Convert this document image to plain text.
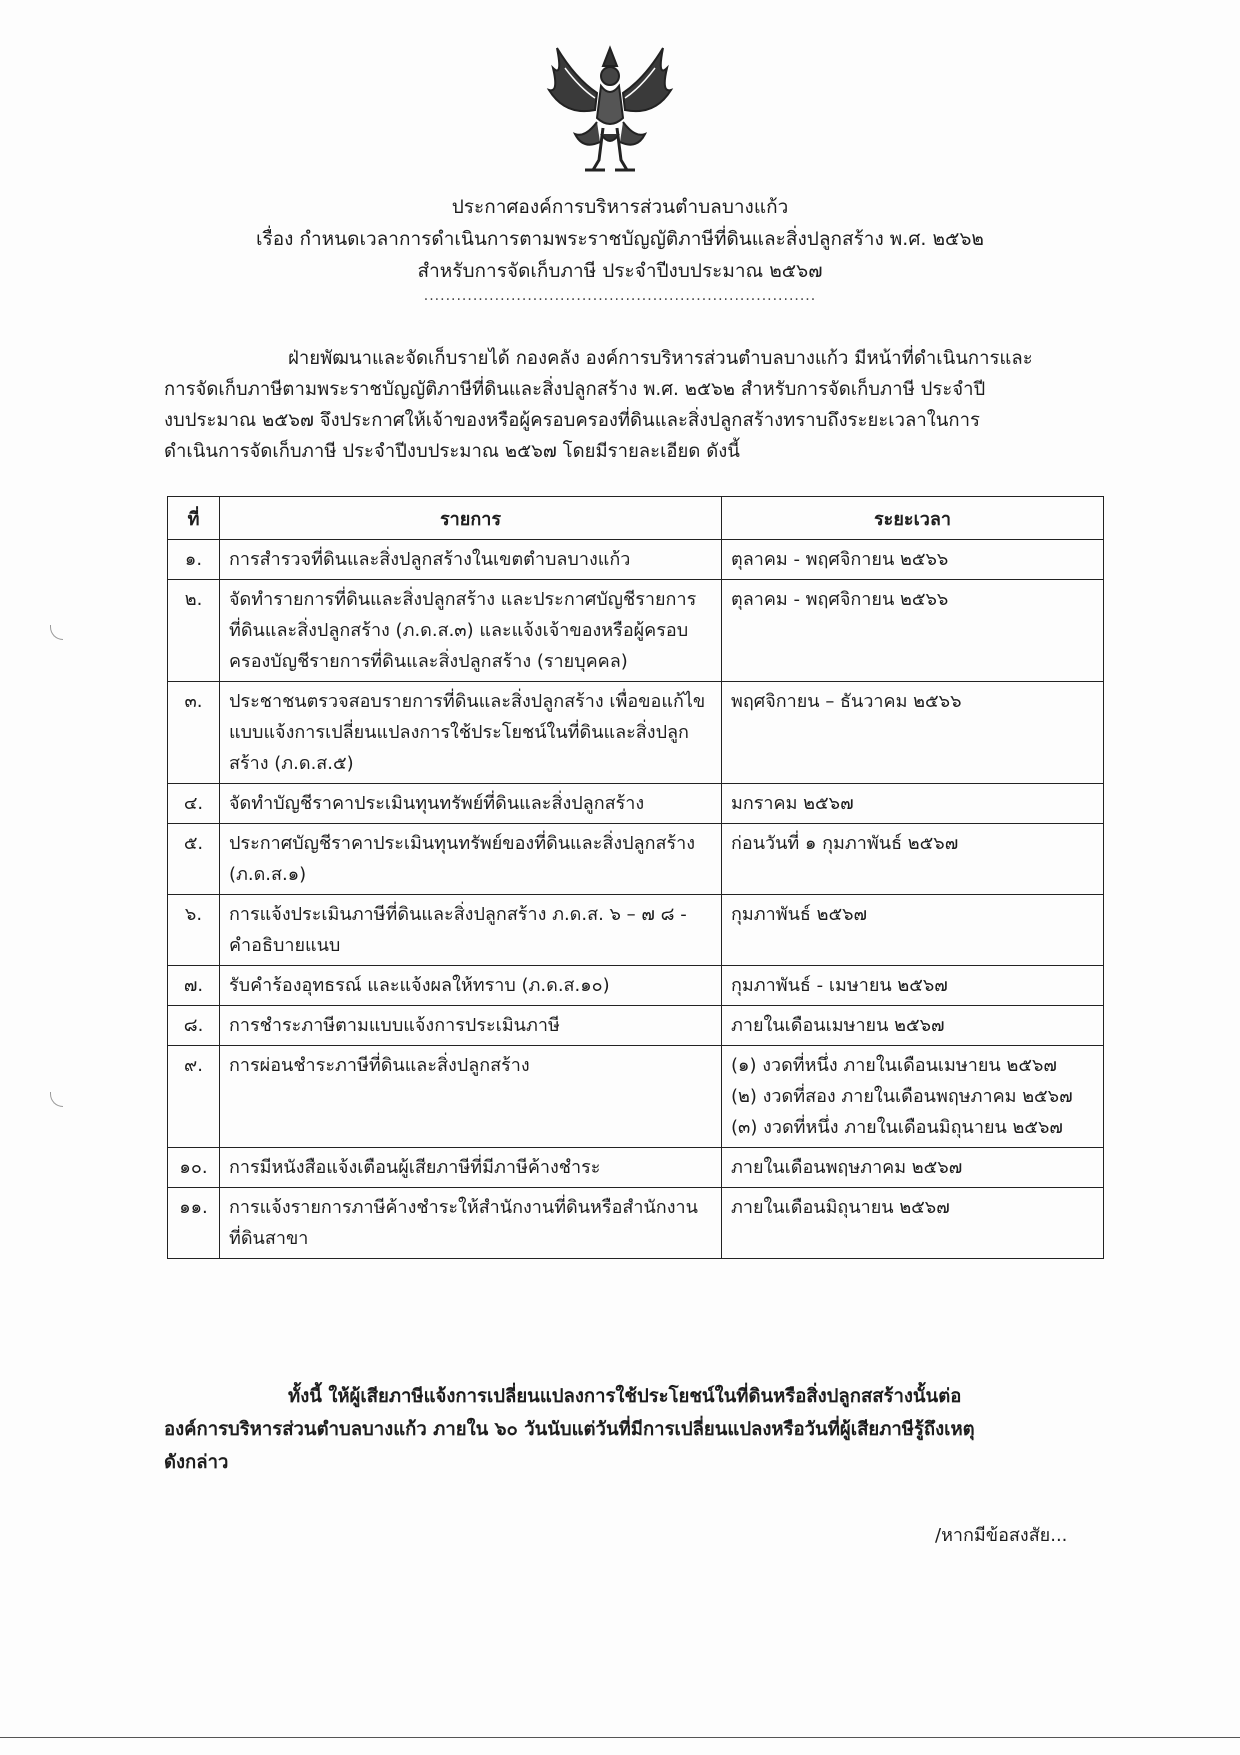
ประกาศองค์การบริหารส่วนตำบลบางแก้ว
เรื่อง กำหนดเวลาการดำเนินการตามพระราชบัญญัติภาษีที่ดินและสิ่งปลูกสร้าง พ.ศ. ๒๕๖๒
สำหรับการจัดเก็บภาษี ประจำปีงบประมาณ ๒๕๖๗
........................................................................
ฝ่ายพัฒนาและจัดเก็บรายได้ กองคลัง องค์การบริหารส่วนตำบลบางแก้ว มีหน้าที่ดำเนินการและ
การจัดเก็บภาษีตามพระราชบัญญัติภาษีที่ดินและสิ่งปลูกสร้าง พ.ศ. ๒๕๖๒ สำหรับการจัดเก็บภาษี ประจำปี
งบประมาณ ๒๕๖๗ จึงประกาศให้เจ้าของหรือผู้ครอบครองที่ดินและสิ่งปลูกสร้างทราบถึงระยะเวลาในการ
ดำเนินการจัดเก็บภาษี ประจำปีงบประมาณ ๒๕๖๗ โดยมีรายละเอียด ดังนี้
ที่	รายการ	ระยะเวลา
๑.	การสำรวจที่ดินและสิ่งปลูกสร้างในเขตตำบลบางแก้ว	ตุลาคม - พฤศจิกายน ๒๕๖๖

๒.	จัดทำรายการที่ดินและสิ่งปลูกสร้าง และประกาศบัญชีรายการที่ดินและสิ่งปลูกสร้าง (ภ.ด.ส.๓) และแจ้งเจ้าของหรือผู้ครอบครองบัญชีรายการที่ดินและสิ่งปลูกสร้าง (รายบุคคล)	ตุลาคม - พฤศจิกายน ๒๕๖๖

๓.	ประชาชนตรวจสอบรายการที่ดินและสิ่งปลูกสร้าง เพื่อขอแก้ไขแบบแจ้งการเปลี่ยนแปลงการใช้ประโยชน์ในที่ดินและสิ่งปลูกสร้าง (ภ.ด.ส.๕)	พฤศจิกายน – ธันวาคม ๒๕๖๖

๔.	จัดทำบัญชีราคาประเมินทุนทรัพย์ที่ดินและสิ่งปลูกสร้าง	มกราคม ๒๕๖๗

๕.	ประกาศบัญชีราคาประเมินทุนทรัพย์ของที่ดินและสิ่งปลูกสร้าง (ภ.ด.ส.๑)	ก่อนวันที่ ๑ กุมภาพันธ์ ๒๕๖๗

๖.	การแจ้งประเมินภาษีที่ดินและสิ่งปลูกสร้าง ภ.ด.ส. ๖ – ๗ ๘ - คำอธิบายแนบ	กุมภาพันธ์ ๒๕๖๗

๗.	รับคำร้องอุทธรณ์ และแจ้งผลให้ทราบ (ภ.ด.ส.๑๐)	กุมภาพันธ์ - เมษายน ๒๕๖๗

๘.	การชำระภาษีตามแบบแจ้งการประเมินภาษี	ภายในเดือนเมษายน ๒๕๖๗

๙.	การผ่อนชำระภาษีที่ดินและสิ่งปลูกสร้าง	(๑) งวดที่หนึ่ง ภายในเดือนเมษายน ๒๕๖๗
(๒) งวดที่สอง ภายในเดือนพฤษภาคม ๒๕๖๗
(๓) งวดที่หนึ่ง ภายในเดือนมิถุนายน ๒๕๖๗

๑๐.	การมีหนังสือแจ้งเตือนผู้เสียภาษีที่มีภาษีค้างชำระ	ภายในเดือนพฤษภาคม ๒๕๖๗

๑๑.	การแจ้งรายการภาษีค้างชำระให้สำนักงานที่ดินหรือสำนักงานที่ดินสาขา	ภายในเดือนมิถุนายน ๒๕๖๗
ทั้งนี้ ให้ผู้เสียภาษีแจ้งการเปลี่ยนแปลงการใช้ประโยชน์ในที่ดินหรือสิ่งปลูกสสร้างนั้นต่อ
องค์การบริหารส่วนตำบลบางแก้ว ภายใน ๖๐ วันนับแต่วันที่มีการเปลี่ยนแปลงหรือวันที่ผู้เสียภาษีรู้ถึงเหตุ
ดังกล่าว
/หากมีข้อสงสัย...
